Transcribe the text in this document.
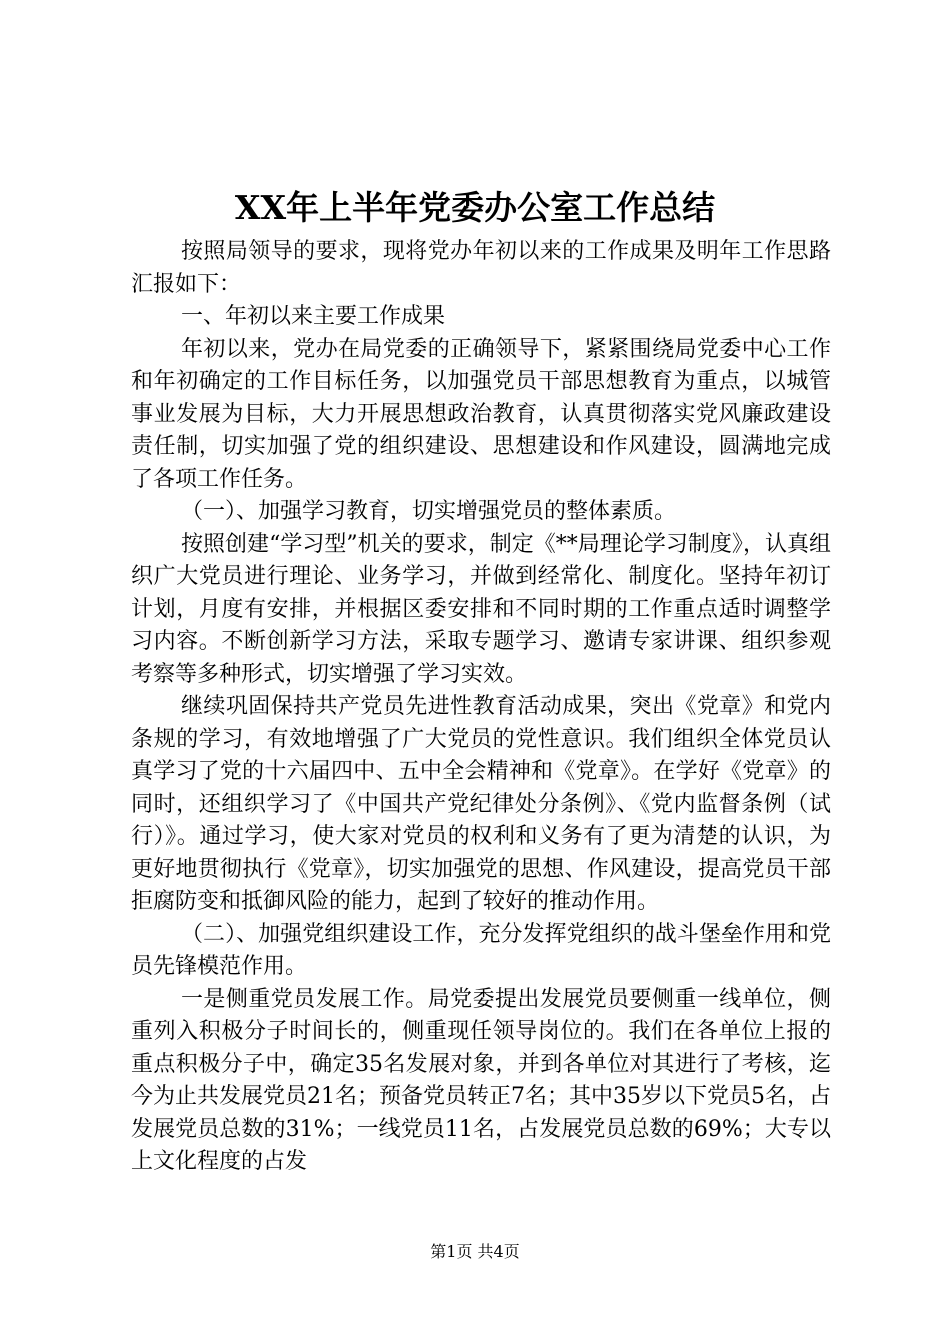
XX年上半年党委办公室工作总结

按照局领导的要求，现将党办年初以来的工作成果及明年工作思路汇报如下：

一、年初以来主要工作成果

年初以来，党办在局党委的正确领导下，紧紧围绕局党委中心工作和年初确定的工作目标任务，以加强党员干部思想教育为重点，以城管事业发展为目标，大力开展思想政治教育，认真贯彻落实党风廉政建设责任制，切实加强了党的组织建设、思想建设和作风建设，圆满地完成了各项工作任务。

（一）、加强学习教育，切实增强党员的整体素质。

按照创建“学习型”机关的要求，制定《**局理论学习制度》，认真组织广大党员进行理论、业务学习，并做到经常化、制度化。坚持年初订计划，月度有安排，并根据区委安排和不同时期的工作重点适时调整学习内容。不断创新学习方法，采取专题学习、邀请专家讲课、组织参观考察等多种形式，切实增强了学习实效。

继续巩固保持共产党员先进性教育活动成果，突出《党章》和党内条规的学习，有效地增强了广大党员的党性意识。我们组织全体党员认真学习了党的十六届四中、五中全会精神和《党章》。在学好《党章》的同时，还组织学习了《中国共产党纪律处分条例》、《党内监督条例（试行）》。通过学习，使大家对党员的权利和义务有了更为清楚的认识，为更好地贯彻执行《党章》，切实加强党的思想、作风建设，提高党员干部拒腐防变和抵御风险的能力，起到了较好的推动作用。

（二）、加强党组织建设工作，充分发挥党组织的战斗堡垒作用和党员先锋模范作用。

一是侧重党员发展工作。局党委提出发展党员要侧重一线单位，侧重列入积极分子时间长的，侧重现任领导岗位的。我们在各单位上报的重点积极分子中，确定35名发展对象，并到各单位对其进行了考核，迄今为止共发展党员21名；预备党员转正7名；其中35岁以下党员5名，占发展党员总数的31%；一线党员11名，占发展党员总数的69%；大专以上文化程度的占发

第1页 共4页
